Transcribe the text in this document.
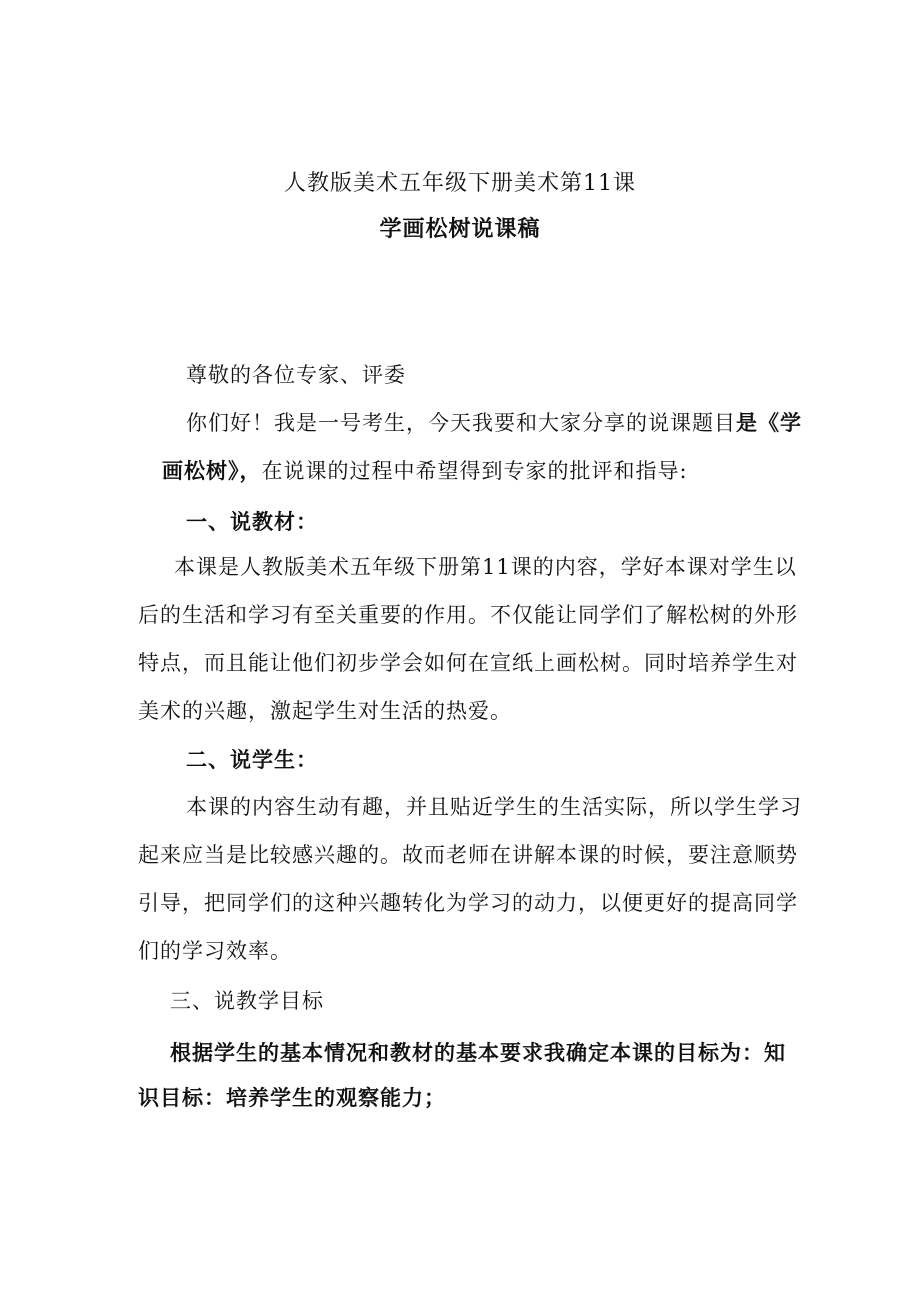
人教版美术五年级下册美术第11课
学画松树说课稿
尊敬的各位专家、评委
你们好！我是一号考生，今天我要和大家分享的说课题目是《学
画松树》，在说课的过程中希望得到专家的批评和指导:
一、说教材：
本课是人教版美术五年级下册第11课的内容，学好本课对学生以
后的生活和学习有至关重要的作用。不仅能让同学们了解松树的外形
特点，而且能让他们初步学会如何在宣纸上画松树。同时培养学生对
美术的兴趣，激起学生对生活的热爱。
二、说学生：
本课的内容生动有趣，并且贴近学生的生活实际，所以学生学习
起来应当是比较感兴趣的。故而老师在讲解本课的时候，要注意顺势
引导，把同学们的这种兴趣转化为学习的动力，以便更好的提高同学
们的学习效率。
三、说教学目标
根据学生的基本情况和教材的基本要求我确定本课的目标为：知
识目标：培养学生的观察能力；
